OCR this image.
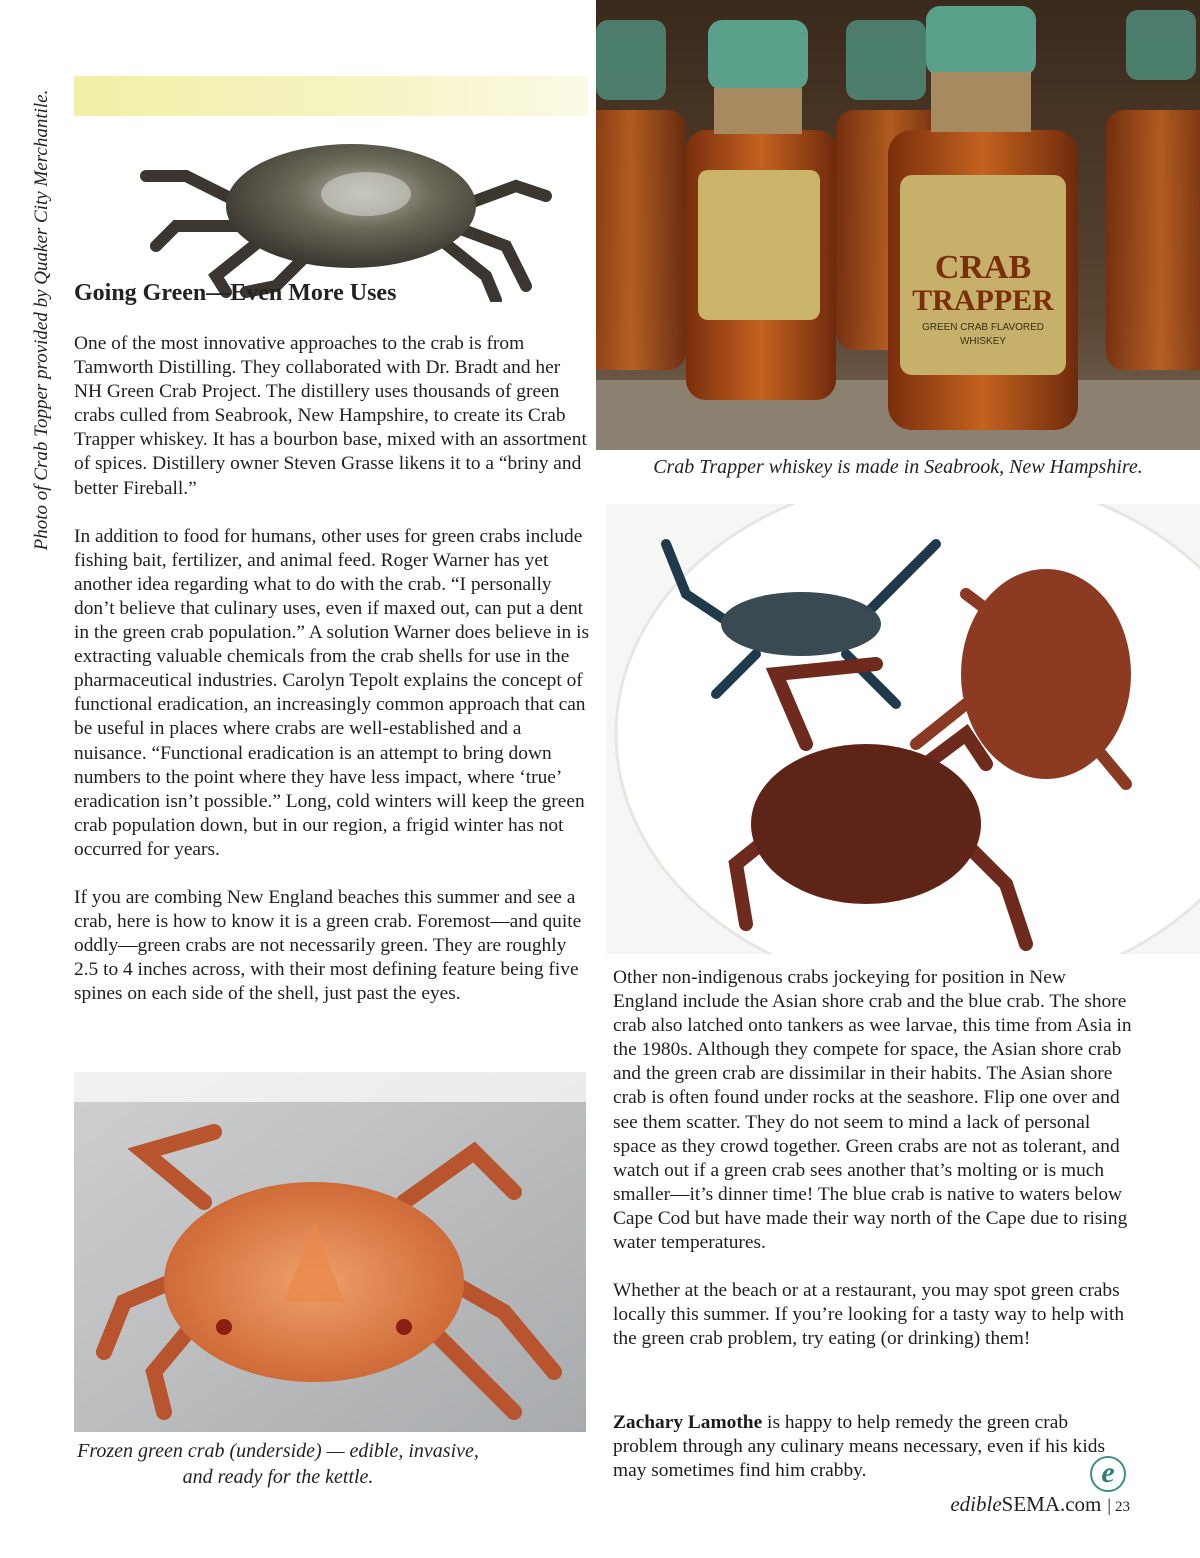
Photo of Crab Topper provided by Quaker City Merchantile. Going Green—Even More Uses

One of the most innovative approaches to the crab is from Tamworth Distilling. They collaborated with Dr. Bradt and her NH Green Crab Project. The distillery uses thousands of green crabs culled from Seabrook, New Hampshire, to create its Crab Trapper whiskey. It has a bourbon base, mixed with an assortment of spices. Distillery owner Steven Grasse likens it to a “briny and better Fireball.”

In addition to food for humans, other uses for green crabs include fishing bait, fertilizer, and animal feed. Roger Warner has yet another idea regarding what to do with the crab. “I personally don’t believe that culinary uses, even if maxed out, can put a dent in the green crab population.” A solution Warner does believe in is extracting valuable chemicals from the crab shells for use in the pharmaceutical industries. Carolyn Tepolt explains the concept of functional eradication, an increasingly common approach that can be useful in places where crabs are well-established and a nuisance. “Functional eradication is an attempt to bring down numbers to the point where they have less impact, where ‘true’ eradication isn’t possible.” Long, cold winters will keep the green crab population down, but in our region, a frigid winter has not occurred for years.

If you are combing New England beaches this summer and see a crab, here is how to know it is a green crab. Foremost—and quite oddly—green crabs are not necessarily green. They are roughly 2.5 to 4 inches across, with their most defining feature being five spines on each side of the shell, just past the eyes.

CRAB
TRAPPER
GREEN CRAB FLAVORED
WHISKEY

Crab Trapper whiskey is made in Seabrook, New Hampshire.

Other non-indigenous crabs jockeying for position in New England include the Asian shore crab and the blue crab. The shore crab also latched onto tankers as wee larvae, this time from Asia in the 1980s. Although they compete for space, the Asian shore crab and the green crab are dissimilar in their habits. The Asian shore crab is often found under rocks at the seashore. Flip one over and see them scatter. They do not seem to mind a lack of personal space as they crowd together. Green crabs are not as tolerant, and watch out if a green crab sees another that’s molting or is much smaller—it’s dinner time! The blue crab is native to waters below Cape Cod but have made their way north of the Cape due to rising water temperatures.

Whether at the beach or at a restaurant, you may spot green crabs locally this summer. If you’re looking for a tasty way to help with the green crab problem, try eating (or drinking) them!

Frozen green crab (underside) — edible, invasive,
and ready for the kettle.

Zachary Lamothe is happy to help remedy the green crab problem through any culinary means necessary, even if his kids may sometimes find him crabby.	e
edibleSEMA.com | 23
